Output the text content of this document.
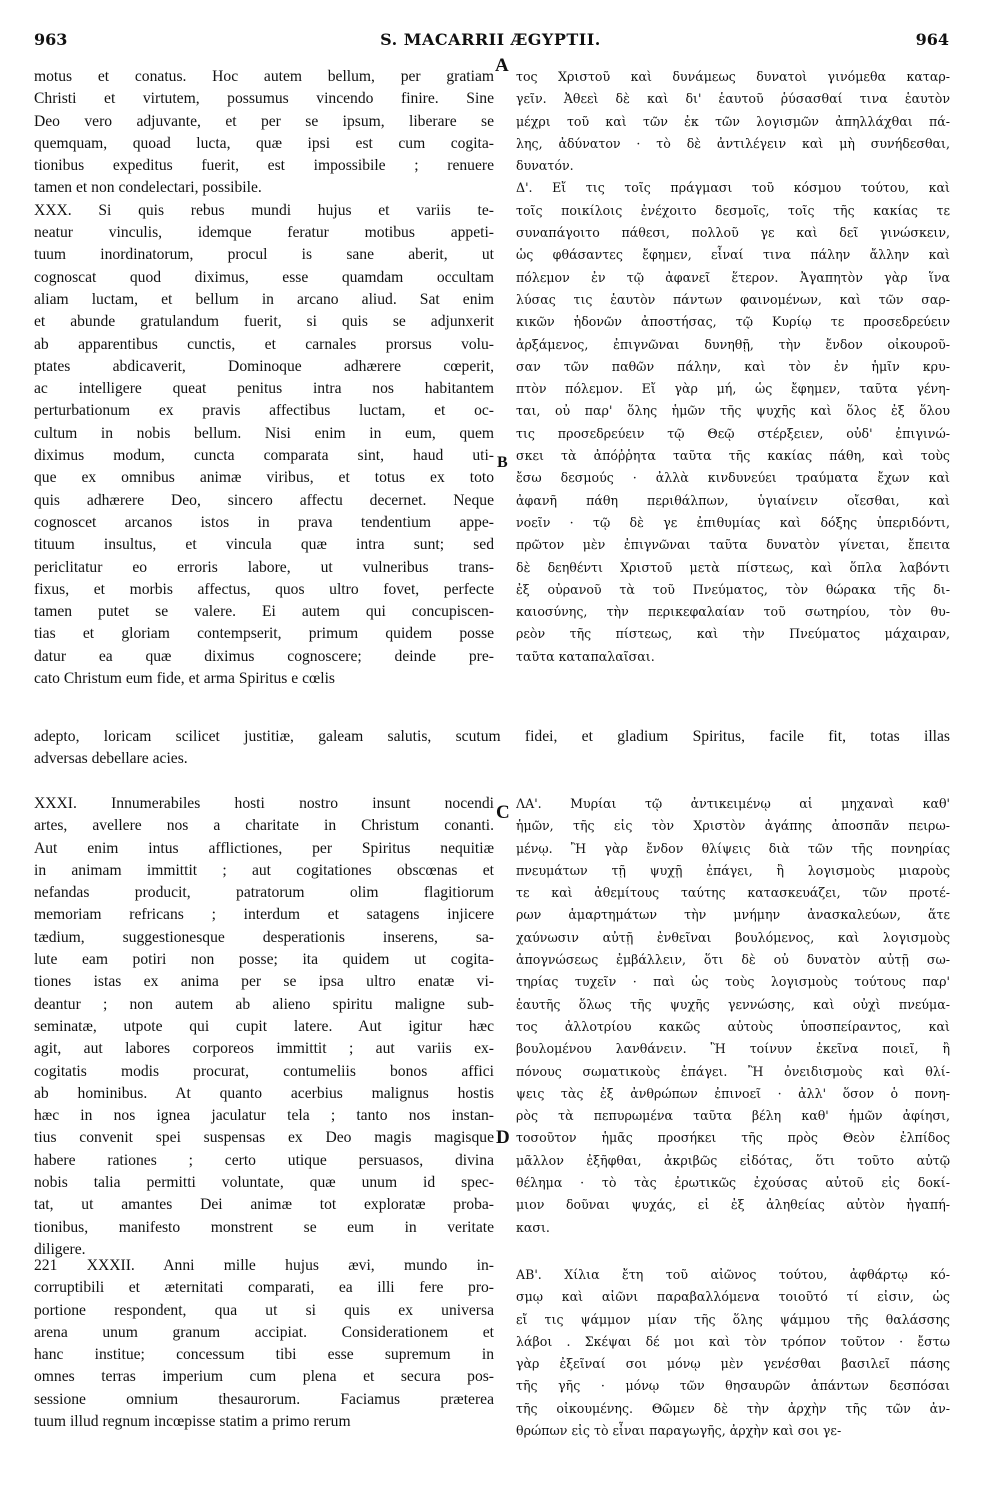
963	S. MACARRII ÆGYPTII.	964
A
B
C
D
motus et conatus. Hoc autem bellum, per gratiam
Christi et virtutem, possumus vincendo finire. Sine
Deo vero adjuvante, et per se ipsum, liberare se
quemquam, quoad lucta, quæ ipsi est cum cogita-
tionibus expeditus fuerit, est impossibile ; renuere
tamen et non condelectari, possibile.
XXX. Si quis rebus mundi hujus et variis te-
neatur vinculis, idemque feratur motibus appeti-
tuum inordinatorum, procul is sane aberit, ut
cognoscat quod diximus, esse quamdam occultam
aliam luctam, et bellum in arcano aliud. Sat enim
et abunde gratulandum fuerit, si quis se adjunxerit
ab apparentibus cunctis, et carnales prorsus volu-
ptates abdicaverit, Dominoque adhærere cœperit,
ac intelligere queat penitus intra nos habitantem
perturbationum ex pravis affectibus luctam, et oc-
cultum in nobis bellum. Nisi enim in eum, quem
diximus modum, cuncta comparata sint, haud uti-
que ex omnibus animæ viribus, et totus ex toto
quis adhærere Deo, sincero affectu decernet. Neque
cognoscet arcanos istos in prava tendentium appe-
tituum insultus, et vincula quæ intra sunt; sed
periclitatur eo erroris labore, ut vulneribus trans-
fixus, et morbis affectus, quos ultro fovet, perfecte
tamen putet se valere. Ei autem qui concupiscen-
tias et gloriam contempserit, primum quidem posse
datur ea quæ diximus cognoscere; deinde pre-
cato Christum eum fide, et arma Spiritus e cœlis
τος Χριστοῦ καὶ δυνάμεως δυνατοὶ γινόμεθα καταρ-
γεῖν. Ἀθεεὶ δὲ καὶ δι' ἑαυτοῦ ῥύσασθαί τινα ἑαυτὸν
μέχρι τοῦ καὶ τῶν ἐκ τῶν λογισμῶν ἀπηλλάχθαι πά-
λης, ἀδύνατον · τὸ δὲ ἀντιλέγειν καὶ μὴ συνήδεσθαι,
δυνατόν.
Δ'. Εἴ τις τοῖς πράγμασι τοῦ κόσμου τούτου, καὶ
τοῖς ποικίλοις ἐνέχοιτο δεσμοῖς, τοῖς τῆς κακίας τε
συναπάγοιτο πάθεσι, πολλοῦ γε καὶ δεῖ γινώσκειν,
ὡς φθάσαντες ἔφημεν, εἶναί τινα πάλην ἄλλην καὶ
πόλεμον ἐν τῷ ἀφανεῖ ἕτερον. Ἀγαπητὸν γὰρ ἵνα
λύσας τις ἑαυτὸν πάντων φαινομένων, καὶ τῶν σαρ-
κικῶν ἡδονῶν ἀποστήσας, τῷ Κυρίῳ τε προσεδρεύειν
ἀρξάμενος, ἐπιγνῶναι δυνηθῇ, τὴν ἔνδον οἰκουροῦ-
σαν τῶν παθῶν πάλην, καὶ τὸν ἐν ἡμῖν κρυ-
πτὸν πόλεμον. Εἴ γὰρ μή, ὡς ἔφημεν, ταῦτα γένη-
ται, οὐ παρ' ὅλης ἡμῶν τῆς ψυχῆς καὶ ὅλος ἐξ ὅλου
τις προσεδρεύειν τῷ Θεῷ στέρξειεν, οὐδ' ἐπιγινώ-
σκει τὰ ἀπόῤῥητα ταῦτα τῆς κακίας πάθη, καὶ τοὺς
ἔσω δεσμούς · ἀλλὰ κινδυνεύει τραύματα ἔχων καὶ
ἀφανῆ πάθη περιθάλπων, ὑγιαίνειν οἴεσθαι, καὶ
νοεῖν · τῷ δὲ γε ἐπιθυμίας καὶ δόξης ὑπεριδόντι,
πρῶτον μὲν ἐπιγνῶναι ταῦτα δυνατὸν γίνεται, ἔπειτα
δὲ δεηθέντι Χριστοῦ μετὰ πίστεως, καὶ ὅπλα λαβόντι
ἐξ οὐρανοῦ τὰ τοῦ Πνεύματος, τὸν θώρακα τῆς δι-
καιοσύνης, τὴν περικεφαλαίαν τοῦ σωτηρίου, τὸν θυ-
ρεὸν τῆς πίστεως, καὶ τὴν Πνεύματος μάχαιραν,
ταῦτα καταπαλαῖσαι.
adepto, loricam scilicet justitiæ, galeam salutis, scutum fidei, et gladium Spiritus, facile fit, totas illas
adversas debellare acies.
XXXI. Innumerabiles hosti nostro insunt nocendi
artes, avellere nos a charitate in Christum conanti.
Aut enim intus afflictiones, per Spiritus nequitiæ
in animam immittit ; aut cogitationes obscœnas et
nefandas producit, patratorum olim flagitiorum
memoriam refricans ; interdum et satagens injicere
tædium, suggestionesque desperationis inserens, sa-
lute eam potiri non posse; ita quidem ut cogita-
tiones istas ex anima per se ipsa ultro enatæ vi-
deantur ; non autem ab alieno spiritu maligne sub-
seminatæ, utpote qui cupit latere. Aut igitur hæc
agit, aut labores corporeos immittit ; aut variis ex-
cogitatis modis procurat, contumeliis bonos affici
ab hominibus. At quanto acerbius malignus hostis
hæc in nos ignea jaculatur tela ; tanto nos instan-
tius convenit spei suspensas ex Deo magis magisque
habere rationes ; certo utique persuasos, divina
nobis talia permitti voluntate, quæ unum id spec-
tat, ut amantes Dei animæ tot exploratæ proba-
tionibus, manifesto monstrent se eum in veritate
diligere.
ΛΑ'. Μυρίαι τῷ ἀντικειμένῳ αἱ μηχαναὶ καθ'
ἡμῶν, τῆς εἰς τὸν Χριστὸν ἀγάπης ἀποσπᾶν πειρω-
μένῳ. Ἢ γὰρ ἔνδον θλίψεις διὰ τῶν τῆς πονηρίας
πνευμάτων τῇ ψυχῇ ἐπάγει, ἢ λογισμοὺς μιαροὺς
τε καὶ ἀθεμίτους ταύτης κατασκευάζει, τῶν προτέ-
ρων ἁμαρτημάτων τὴν μνήμην ἀνασκαλεύων, ἅτε
χαύνωσιν αὐτῇ ἐνθεῖναι βουλόμενος, καὶ λογισμοὺς
ἀπογνώσεως ἐμβάλλειν, ὅτι δὲ οὐ δυνατὸν αὐτῇ σω-
τηρίας τυχεῖν · παὶ ὡς τοὺς λογισμοὺς τούτους παρ'
ἑαυτῆς ὅλως τῆς ψυχῆς γεννώσης, καὶ οὐχὶ πνεύμα-
τος ἀλλοτρίου κακῶς αὐτοὺς ὑποσπείραντος, καὶ
βουλομένου λανθάνειν. Ἢ τοίνυν ἐκεῖνα ποιεῖ, ἢ
πόνους σωματικοὺς ἐπάγει. Ἢ ὀνειδισμοὺς καὶ θλί-
ψεις τὰς ἐξ ἀνθρώπων ἐπινοεῖ · ἀλλ' ὅσον ὁ πονη-
ρὸς τὰ πεπυρωμένα ταῦτα βέλη καθ' ἡμῶν ἀφίησι,
τοσοῦτον ἡμᾶς προσήκει τῆς πρὸς Θεὸν ἐλπίδος
μᾶλλον ἐξῆφθαι, ἀκριβῶς εἰδότας, ὅτι τοῦτο αὐτῷ
θέλημα · τὸ τὰς ἐρωτικῶς ἐχούσας αὐτοῦ εἰς δοκί-
μιον δοῦναι ψυχάς, εἰ ἐξ ἀληθείας αὐτὸν ἠγαπή-
κασι.
221 XXXII. Anni mille hujus ævi, mundo in-
corruptibili et æternitati comparati, ea illi fere pro-
portione respondent, qua ut si quis ex universa
arena unum granum accipiat. Considerationem et
hanc institue; concessum tibi esse supremum in
omnes terras imperium cum plena et secura pos-
sessione omnium thesaurorum. Faciamus præterea
tuum illud regnum incœpisse statim a primo rerum
ΑΒ'. Χίλια ἔτη τοῦ αἰῶνος τούτου, ἀφθάρτῳ κό-
σμῳ καὶ αἰῶνι παραβαλλόμενα τοιοῦτό τί εἰσιν, ὡς
εἴ τις ψάμμον μίαν τῆς ὅλης ψάμμου τῆς θαλάσσης
λάβοι . Σκέψαι δέ μοι καὶ τὸν τρόπον τοῦτον · ἔστω
γὰρ ἐξεῖναί σοι μόνῳ μὲν γενέσθαι βασιλεῖ πάσης
τῆς γῆς · μόνῳ τῶν θησαυρῶν ἁπάντων δεσπόσαι
τῆς οἰκουμένης. Θῶμεν δὲ τὴν ἀρχὴν τῆς τῶν ἀν-
θρώπων εἰς τὸ εἶναι παραγωγῆς, ἀρχὴν καὶ σοι γε-
